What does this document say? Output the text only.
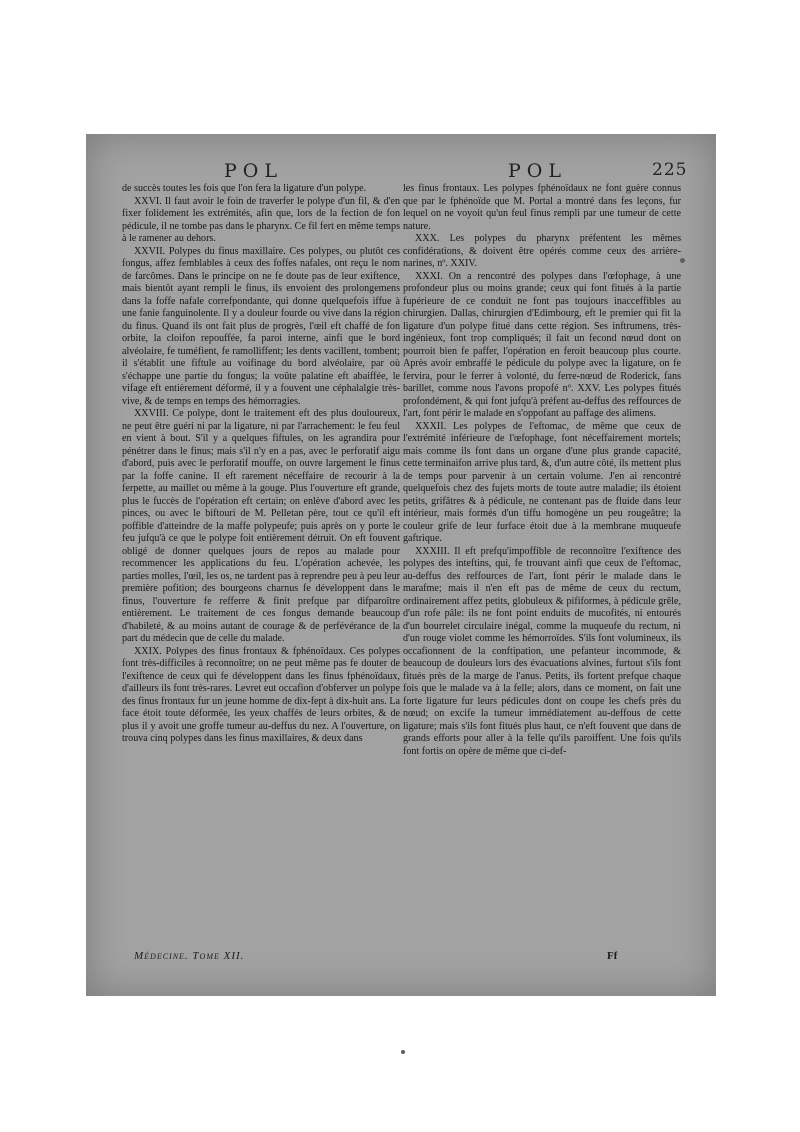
POL	POL	225

de succès toutes les fois que l'on fera la ligature d'un polype.

XXVI. Il faut avoir le foin de traverfer le polype d'un fil, & d'en fixer folidement les extrémités, afin que, lors de la fection de fon pédicule, il ne tombe pas dans le pharynx. Ce fil fert en même temps à le ramener au dehors.

XXVII. Polypes du finus maxillaire. Ces polypes, ou plutôt ces fongus, affez femblables à ceux des foffes nafales, ont reçu le nom de farcômes. Dans le principe on ne fe doute pas de leur exiftence, mais bientôt ayant rempli le finus, ils envoient des prolongemens dans la foffe nafale correfpondante, qui donne quelquefois iffue à une fanie fanguinolente. Il y a douleur fourde ou vive dans la région du finus. Quand ils ont fait plus de progrès, l'œil eft chaffé de fon orbite, la cloifon repouffée, fa paroi interne, ainfi que le bord alvéolaire, fe tuméfient, fe ramolliffent; les dents vacillent, tombent; il s'établit une fiftule au voifinage du bord alvéolaire, par où s'échappe une partie du fongus; la voûte palatine eft abaiffée, le vifage eft entièrement déformé, il y a fouvent une céphalalgie très-vive, & de temps en temps des hémorragies.

XXVIII. Ce polype, dont le traitement eft des plus douloureux, ne peut être guéri ni par la ligature, ni par l'arrachement: le feu feul en vient à bout. S'il y a quelques fiftules, on les agrandira pour pénétrer dans le finus; mais s'il n'y en a pas, avec le perforatif aigu d'abord, puis avec le perforatif mouffe, on ouvre largement le finus par la foffe canine. Il eft rarement néceffaire de recourir à la ferpette, au maillet ou même à la gouge. Plus l'ouverture eft grande, plus le fuccès de l'opération eft certain; on enlève d'abord avec les pinces, ou avec le biftouri de M. Pelletan père, tout ce qu'il eft poffible d'atteindre de la maffe polypeufe; puis après on y porte le feu jufqu'à ce que le polype foit entièrement détruit. On eft fouvent obligé de donner quelques jours de repos au malade pour recommencer les applications du feu. L'opération achevée, les parties molles, l'œil, les os, ne tardent pas à reprendre peu à peu leur première pofition; des bourgeons charnus fe développent dans le finus, l'ouverture fe refferre & finit prefque par difparoître entièrement. Le traitement de ces fongus demande beaucoup d'habileté, & au moins autant de courage & de perfévérance de la part du médecin que de celle du malade.

XXIX. Polypes des finus frontaux & fphénoïdaux. Ces polypes font très-difficiles à reconnoître; on ne peut même pas fe douter de l'exiftence de ceux qui fe développent dans les finus fphénoïdaux, d'ailleurs ils font très-rares. Levret eut occafion d'obferver un polype des finus frontaux fur un jeune homme de dix-fept à dix-huit ans. La face étoit toute déformée, les yeux chaffés de leurs orbites, & de plus il y avoit une groffe tumeur au-deffus du nez. A l'ouverture, on trouva cinq polypes dans les finus maxillaires, & deux dans

les finus frontaux. Les polypes fphénoïdaux ne font guère connus que par le fphénoïde que M. Portal a montré dans fes leçons, fur lequel on ne voyoit qu'un feul finus rempli par une tumeur de cette nature.

XXX. Les polypes du pharynx préfentent les mêmes confidérations, & doivent être opérés comme ceux des arrière-narines, nº. XXIV.

XXXI. On a rencontré des polypes dans l'œfophage, à une profondeur plus ou moins grande; ceux qui font fitués à la partie fupérieure de ce conduit ne font pas toujours inacceffibles au chirurgien. Dallas, chirurgien d'Edimbourg, eft le premier qui fit la ligature d'un polype fitué dans cette région. Ses inftrumens, très-ingénieux, font trop compliqués; il fait un fecond nœud dont on pourroit bien fe paffer, l'opération en feroit beaucoup plus courte. Après avoir embraffé le pédicule du polype avec la ligature, on fe fervira, pour le ferrer à volonté, du ferre-nœud de Roderick, fans barillet, comme nous l'avons propofé nº. XXV. Les polypes fitués profondément, & qui font jufqu'à préfent au-deffus des reffources de l'art, font périr le malade en s'oppofant au paffage des alimens.

XXXII. Les polypes de l'eftomac, de même que ceux de l'extrémité inférieure de l'œfophage, font néceffairement mortels; mais comme ils font dans un organe d'une plus grande capacité, cette terminaifon arrive plus tard, &, d'un autre côté, ils mettent plus de temps pour parvenir à un certain volume. J'en ai rencontré quelquefois chez des fujets morts de toute autre maladie; ils étoient petits, grifâtres & à pédicule, ne contenant pas de fluide dans leur intérieur, mais formés d'un tiffu homogène un peu rougeâtre; la couleur grife de leur furface étoit due à la membrane muqueufe gaftrique.

XXXIII. Il eft prefqu'impoffible de reconnoître l'exiftence des polypes des inteftins, qui, fe trouvant ainfi que ceux de l'eftomac, au-deffus des reffources de l'art, font périr le malade dans le marafme; mais il n'en eft pas de même de ceux du rectum, ordinairement affez petits, globuleux & pififormes, à pédicule grêle, d'un rofe pâle: ils ne font point enduits de mucofités, ni entourés d'un bourrelet circulaire inégal, comme la muqueufe du rectum, ni d'un rouge violet comme les hémorroïdes. S'ils font volumineux, ils occafionnent de la conftipation, une pefanteur incommode, & beaucoup de douleurs lors des évacuations alvines, furtout s'ils font fitués près de la marge de l'anus. Petits, ils fortent prefque chaque fois que le malade va à la felle; alors, dans ce moment, on fait une forte ligature fur leurs pédicules dont on coupe les chefs près du nœud; on excife la tumeur immédiatement au-deffous de cette ligature; mais s'ils font fitués plus haut, ce n'eft fouvent que dans de grands efforts pour aller à la felle qu'ils paroiffent. Une fois qu'ils font fortis on opère de même que ci-def-

Médecine. Tome XII.	Ff
